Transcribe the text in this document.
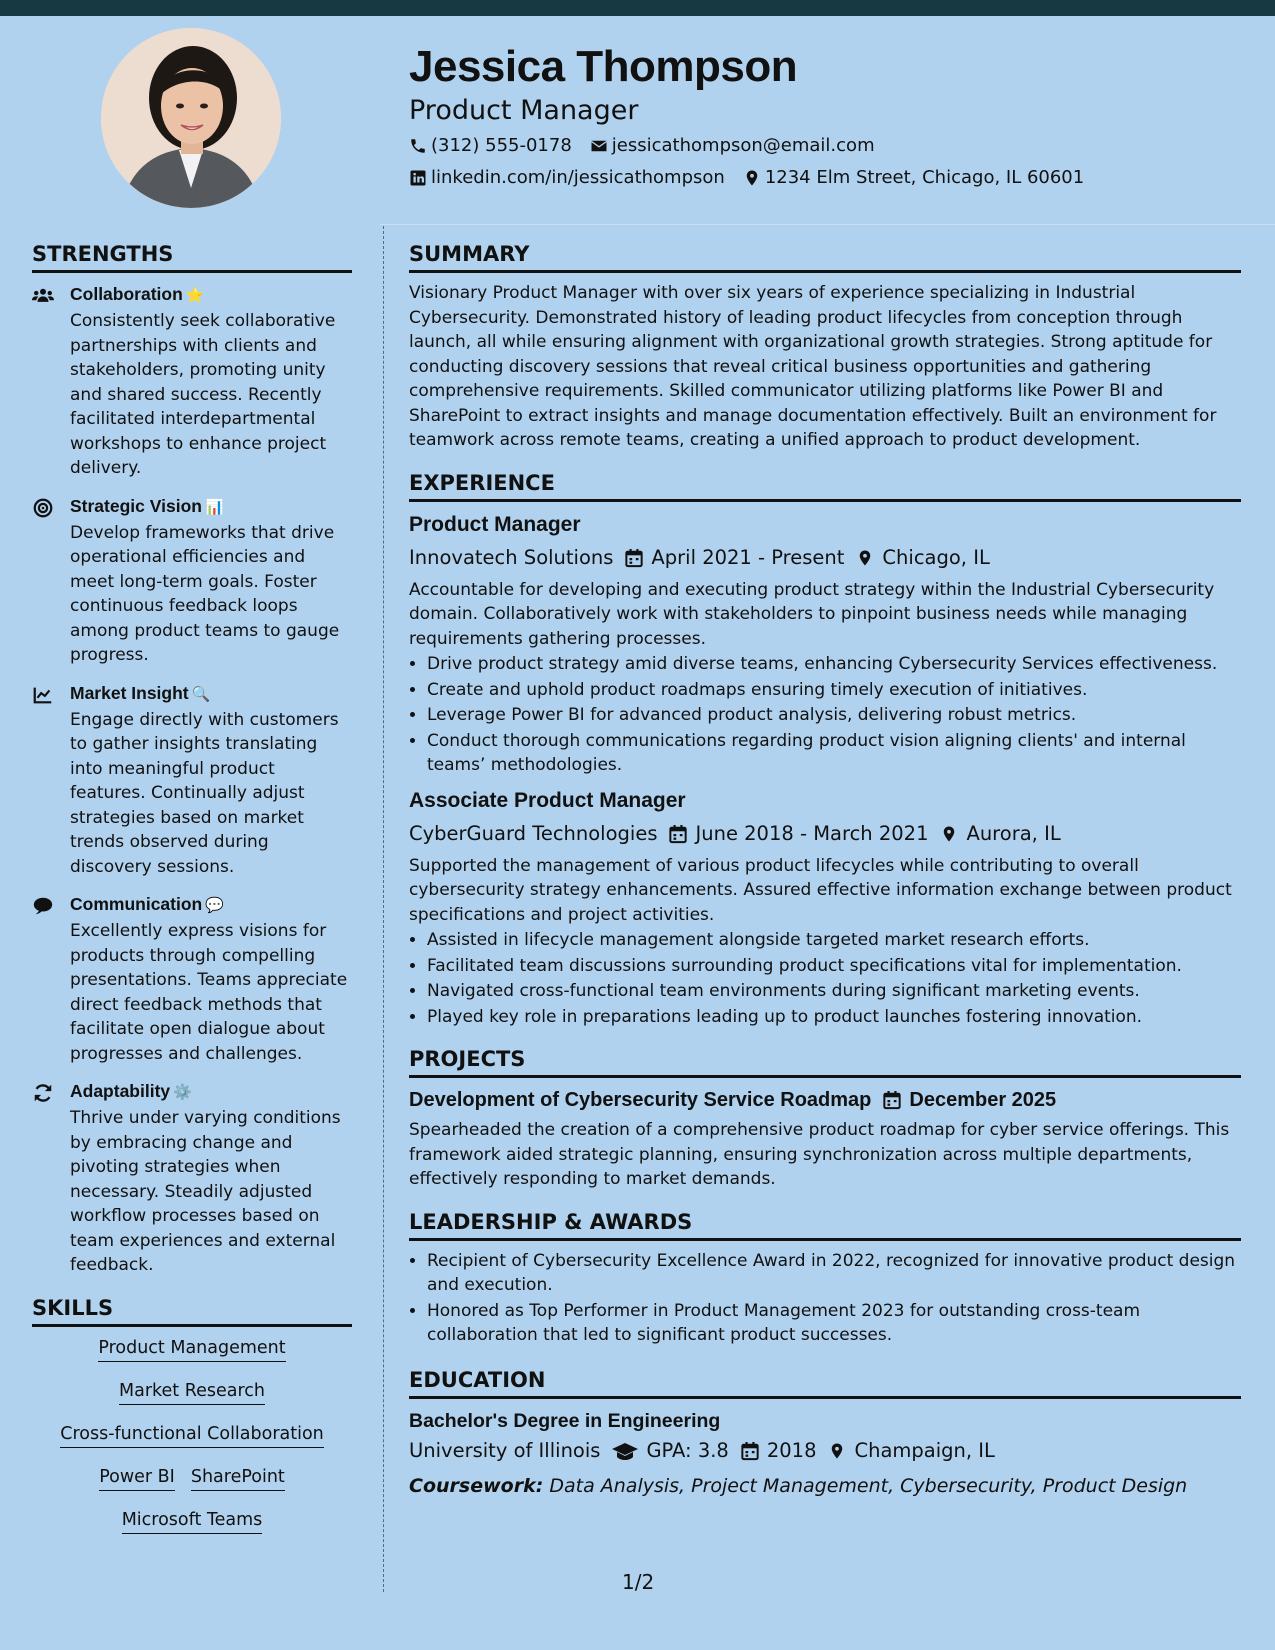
Jessica Thompson
Product Manager
(312) 555-0178 jessicathompson@email.com
linkedin.com/in/jessicathompson 1234 Elm Street, Chicago, IL 60601
STRENGTHS
Collaboration ⭐
Consistently seek collaborative partnerships with clients and stakeholders, promoting unity and shared success. Recently facilitated interdepartmental workshops to enhance project delivery.
Strategic Vision 📊
Develop frameworks that drive operational efficiencies and meet long-term goals. Foster continuous feedback loops among product teams to gauge progress.
Market Insight 🔍
Engage directly with customers to gather insights translating into meaningful product features. Continually adjust strategies based on market trends observed during discovery sessions.
Communication 💬
Excellently express visions for products through compelling presentations. Teams appreciate direct feedback methods that facilitate open dialogue about progresses and challenges.
Adaptability ⚙️
Thrive under varying conditions by embracing change and pivoting strategies when necessary. Steadily adjusted workflow processes based on team experiences and external feedback.
SKILLS
Product Management
Market Research
Cross-functional Collaboration
Power BI SharePoint
Microsoft Teams
SUMMARY

Visionary Product Manager with over six years of experience specializing in Industrial Cybersecurity. Demonstrated history of leading product lifecycles from conception through launch, all while ensuring alignment with organizational growth strategies. Strong aptitude for conducting discovery sessions that reveal critical business opportunities and gathering comprehensive requirements. Skilled communicator utilizing platforms like Power BI and SharePoint to extract insights and manage documentation effectively. Built an environment for teamwork across remote teams, creating a unified approach to product development.

EXPERIENCE
Product Manager
Innovatech Solutions April 2021 - Present Chicago, IL

Accountable for developing and executing product strategy within the Industrial Cybersecurity domain. Collaboratively work with stakeholders to pinpoint business needs while managing requirements gathering processes.

• Drive product strategy amid diverse teams, enhancing Cybersecurity Services effectiveness.
• Create and uphold product roadmaps ensuring timely execution of initiatives.
• Leverage Power BI for advanced product analysis, delivering robust metrics.
• Conduct thorough communications regarding product vision aligning clients' and internal teams’ methodologies.
Associate Product Manager
CyberGuard Technologies June 2018 - March 2021 Aurora, IL

Supported the management of various product lifecycles while contributing to overall cybersecurity strategy enhancements. Assured effective information exchange between product specifications and project activities.

• Assisted in lifecycle management alongside targeted market research efforts.
• Facilitated team discussions surrounding product specifications vital for implementation.
• Navigated cross-functional team environments during significant marketing events.
• Played key role in preparations leading up to product launches fostering innovation.
PROJECTS
Development of Cybersecurity Service Roadmap December 2025

Spearheaded the creation of a comprehensive product roadmap for cyber service offerings. This framework aided strategic planning, ensuring synchronization across multiple departments, effectively responding to market demands.

LEADERSHIP & AWARDS
• Recipient of Cybersecurity Excellence Award in 2022, recognized for innovative product design and execution.
• Honored as Top Performer in Product Management 2023 for outstanding cross-team collaboration that led to significant product successes.
EDUCATION
Bachelor's Degree in Engineering
University of Illinois GPA: 3.8 2018 Champaign, IL
Coursework: Data Analysis, Project Management, Cybersecurity, Product Design
1/2
